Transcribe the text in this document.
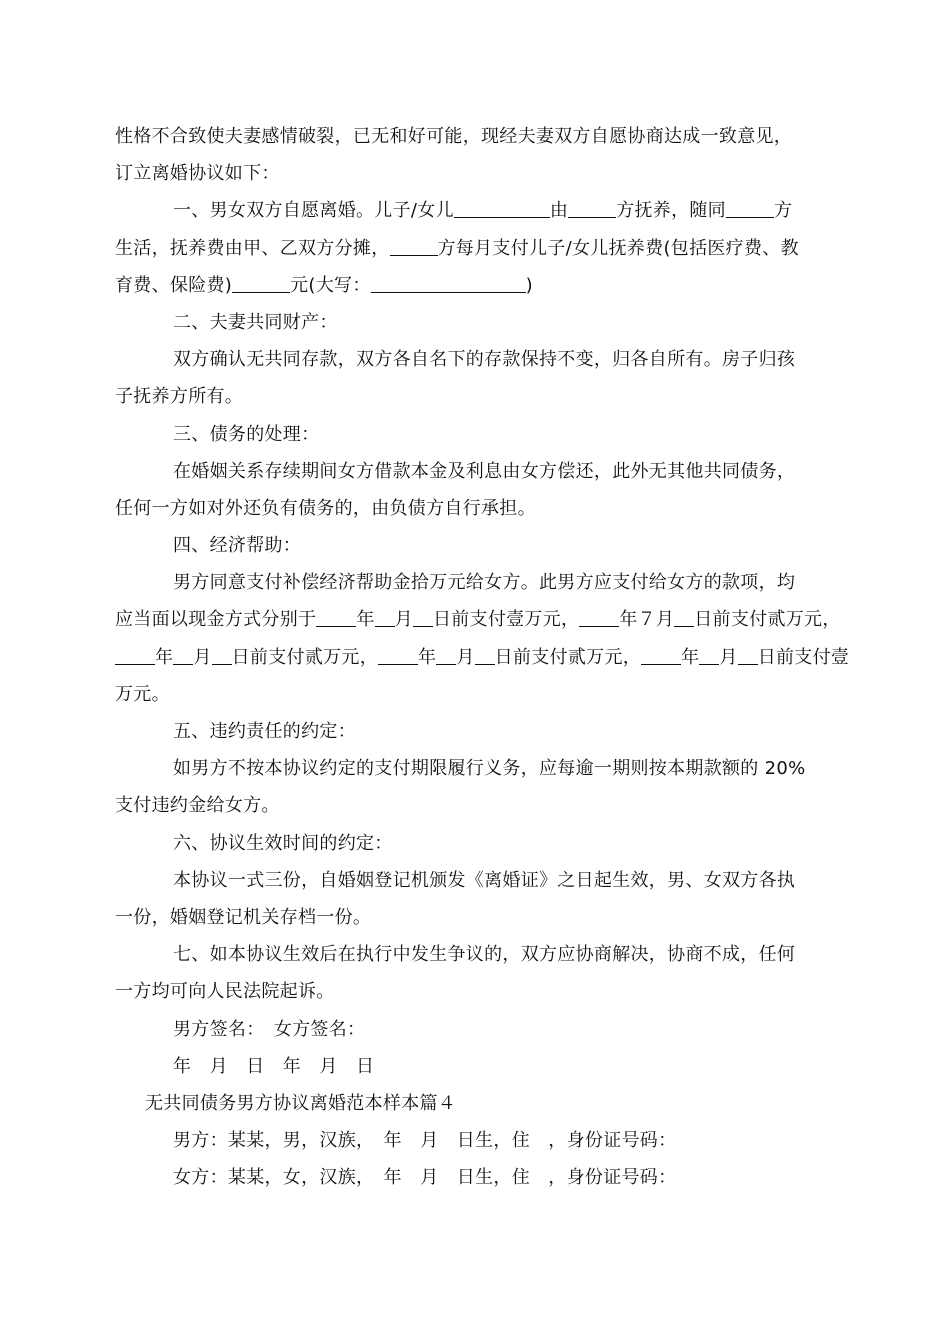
性格不合致使夫妻感情破裂，已无和好可能，现经夫妻双方自愿协商达成一致意见，
订立离婚协议如下：
一、男女双方自愿离婚。儿子/女儿	由	方抚养，随同	方
生活，抚养费由甲、乙双方分摊，	方每月支付儿子/女儿抚养费(包括医疗费、教
育费、保险费)	元(大写：	)
二、夫妻共同财产：
双方确认无共同存款，双方各自名下的存款保持不变，归各自所有。房子归孩
子抚养方所有。
三、债务的处理：
在婚姻关系存续期间女方借款本金及利息由女方偿还，此外无其他共同债务，
任何一方如对外还负有债务的，由负债方自行承担。
四、经济帮助：
男方同意支付补偿经济帮助金拾万元给女方。此男方应支付给女方的款项，均
应当面以现金方式分别于 年 月 日前支付壹万元， 年７月 日前支付贰万元，
年 月 日前支付贰万元， 年 月 日前支付贰万元， 年 月 日前支付壹
万元。
五、违约责任的约定：
如男方不按本协议约定的支付期限履行义务，应每逾一期则按本期款额的 20%
支付违约金给女方。
六、协议生效时间的约定：
本协议一式三份，自婚姻登记机颁发《离婚证》之日起生效，男、女双方各执
一份，婚姻登记机关存档一份。
七、如本协议生效后在执行中发生争议的，双方应协商解决，协商不成，任何
一方均可向人民法院起诉。
男方签名：　女方签名：
年　月　日　年　月　日
无共同债务男方协议离婚范本样本篇４
男方：某某，男，汉族，　年　月　日生，住　，身份证号码：
女方：某某，女，汉族，　年　月　日生，住　，身份证号码：
